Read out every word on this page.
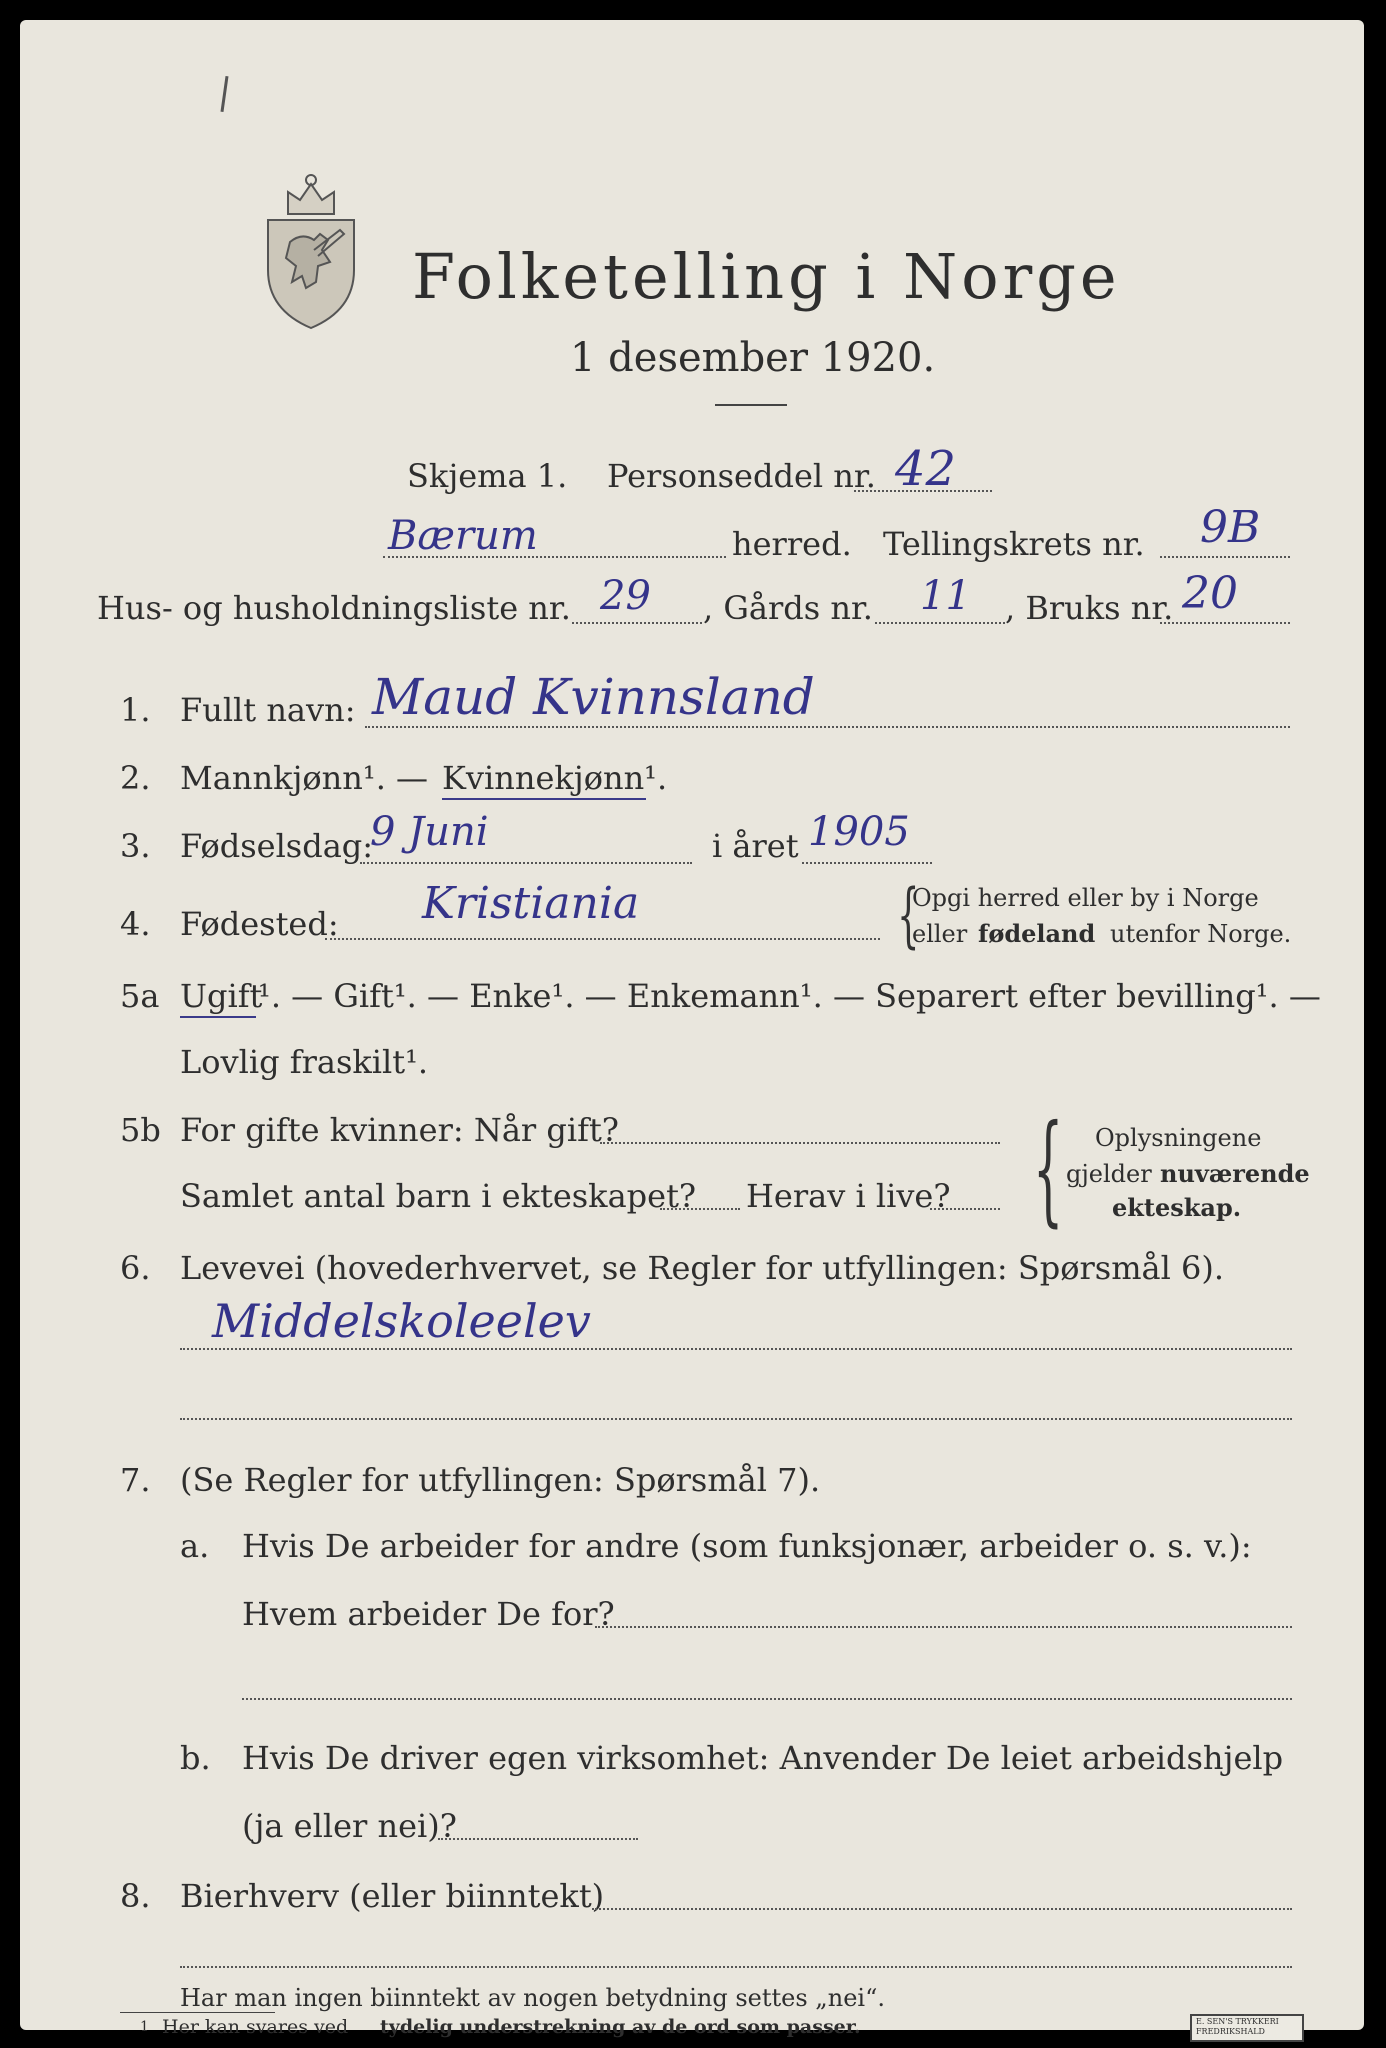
Folketelling i Norge
1 desember 1920.
Skjema 1. Personseddel nr. 42
Bærum	herred. Tellingskrets nr. 9B
Hus- og husholdningsliste nr. 29 , Gårds nr. 11 , Bruks nr. 20
1. Fullt navn: Maud Kvinnsland
2. Mannkjønn¹. — Kvinnekjønn¹.
3. Fødselsdag:
9 Juni	i året 1905
4. Fødested: Kristiania	{
Opgi herred eller by i Norge
eller fødeland utenfor Norge.
5a Ugift
¹. — Gift¹. — Enke¹. — Enkemann¹. — Separert efter bevilling¹. —
Lovlig fraskilt¹.
5b For gifte kvinner: Når gift?
Samlet antal barn i ekteskapet? Herav i live? { Oplysningene
gjelder nuværende
ekteskap.
6. Levevei (hovederhvervet, se Regler for utfyllingen: Spørsmål 6).
Middelskoleelev
7. (Se Regler for utfyllingen: Spørsmål 7).
a. Hvis De arbeider for andre (som funksjonær, arbeider o. s. v.):
Hvem arbeider De for?
b. Hvis De driver egen virksomhet: Anvender De leiet arbeidshjelp
(ja eller nei)?
8. Bierhverv (eller biinntekt)
Har man ingen biinntekt av nogen betydning settes „nei“.
1 Her kan svares ved tydelig understrekning av de ord som passer.	E. SEN'S TRYKKERI
FREDRIKSHALD
